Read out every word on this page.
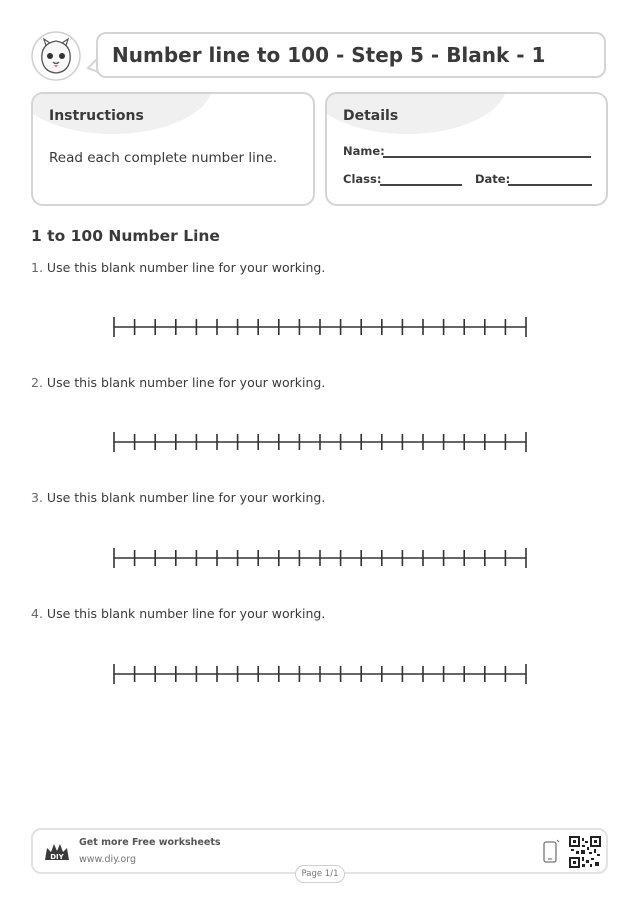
Number line to 100 - Step 5 - Blank - 1
Instructions
Read each complete number line.
Details
Name:
Class:	Date:
1 to 100 Number Line
1. Use this blank number line for your working.
2. Use this blank number line for your working.
3. Use this blank number line for your working.
4. Use this blank number line for your working.
DIY
Get more Free worksheets
www.diy.org
Page 1/1
